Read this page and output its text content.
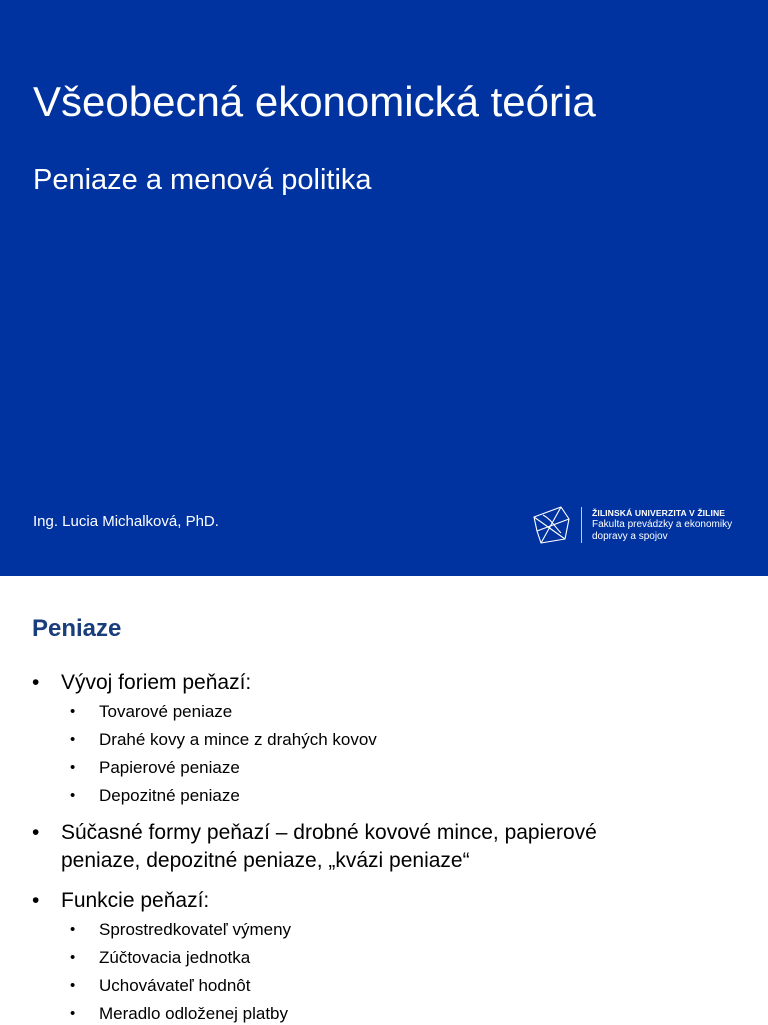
Všeobecná ekonomická teória
Peniaze a menová politika
Ing. Lucia Michalková, PhD.	ŽILINSKÁ UNIVERZITA V ŽILINE
Fakulta prevádzky a ekonomiky
dopravy a spojov
Peniaze
• Vývoj foriem peňazí:
• Tovarové peniaze
• Drahé kovy a mince z drahých kovov
• Papierové peniaze
• Depozitné peniaze
• Súčasné formy peňazí – drobné kovové mince, papierové
peniaze, depozitné peniaze, „kvázi peniaze“
• Funkcie peňazí:
• Sprostredkovateľ výmeny
• Zúčtovacia jednotka
• Uchovávateľ hodnôt
• Meradlo odloženej platby
